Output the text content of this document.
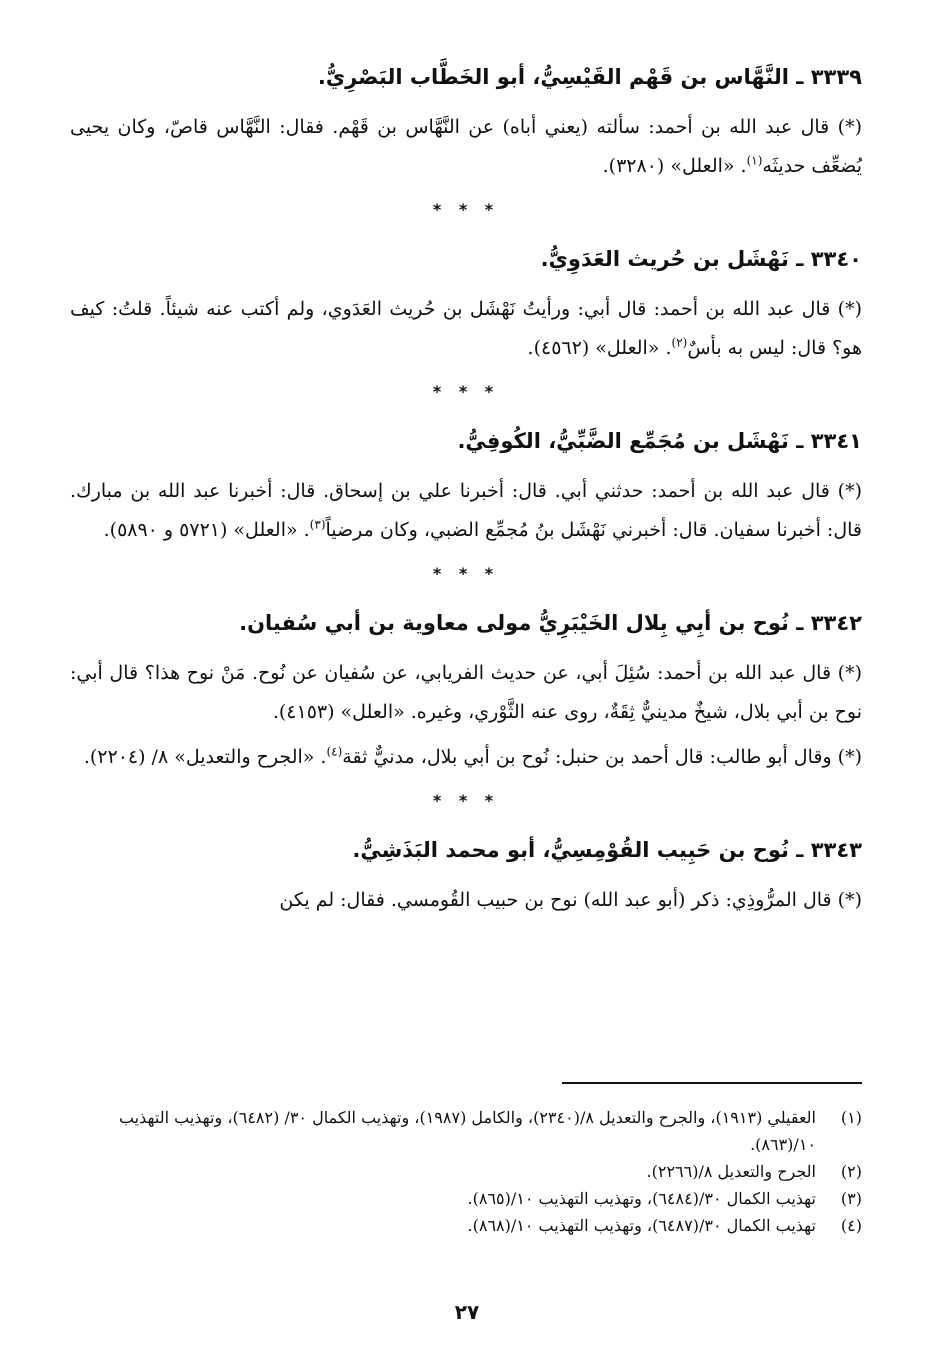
٣٣٣٩ ـ النَّهَّاس بن قَهْم القَيْسِيُّ، أبو الخَطَّاب البَصْرِيُّ.
(*) قال عبد الله بن أحمد: سألته (يعني أباه) عن النَّهَّاس بن قَهْم. فقال: النَّهَّاس قاصّ، وكان يحيى يُضعِّف حديثَه$^{(١)}$. «العلل» (٣٢٨٠).
* * *
٣٣٤٠ ـ نَهْشَل بن حُريث العَدَوِيُّ.
(*) قال عبد الله بن أحمد: قال أبي: ورأيتُ نَهْشَل بن حُريث العَدَوي، ولم أكتب عنه شيئاً. قلتُ: كيف هو؟ قال: ليس به بأسٌ$^{(٢)}$. «العلل» (٤٥٦٢).
* * *
٣٣٤١ ـ نَهْشَل بن مُجَمِّع الضَّبِّيُّ، الكُوفِيُّ.
(*) قال عبد الله بن أحمد: حدثني أبي. قال: أخبرنا علي بن إسحاق. قال: أخبرنا عبد الله بن مبارك. قال: أخبرنا سفيان. قال: أخبرني نَهْشَل بنُ مُجمِّع الضبي، وكان مرضياً$^{(٣)}$. «العلل» (٥٧٢١ و ٥٨٩٠).
* * *
٣٣٤٢ ـ نُوح بن أبِي بِلال الخَيْبَرِيُّ مولى معاوية بن أبي سُفيان.
(*) قال عبد الله بن أحمد: سُئِلَ أبي، عن حديث الفريابي، عن سُفيان عن نُوح. مَنْ نوح هذا؟ قال أبي: نوح بن أبي بلال، شيخٌ مدينيٌّ ثِقَةٌ، روى عنه الثَّوْري، وغيره. «العلل» (٤١٥٣).
(*) وقال أبو طالب: قال أحمد بن حنبل: نُوح بن أبي بلال، مدنيٌّ ثقة$^{(٤)}$. «الجرح والتعديل» ٨/ (٢٢٠٤).
* * *
٣٣٤٣ ـ نُوح بن حَبِيب القُوْمِسِيُّ، أبو محمد البَذَشِيُّ.
(*) قال المرُّوذِي: ذكر (أبو عبد الله) نوح بن حبيب القُومسي. فقال: لم يكن
(١)
العقيلي (١٩١٣)، والجرح والتعديل ٨/(٢٣٤٠)، والكامل (١٩٨٧)، وتهذيب الكمال ٣٠/ (٦٤٨٢)، وتهذيب التهذيب ١٠/(٨٦٣).
(٢)
الجرح والتعديل ٨/(٢٢٦٦).
(٣)
تهذيب الكمال ٣٠/(٦٤٨٤)، وتهذيب التهذيب ١٠/(٨٦٥).
(٤)
تهذيب الكمال ٣٠/(٦٤٨٧)، وتهذيب التهذيب ١٠/(٨٦٨).
٢٧
